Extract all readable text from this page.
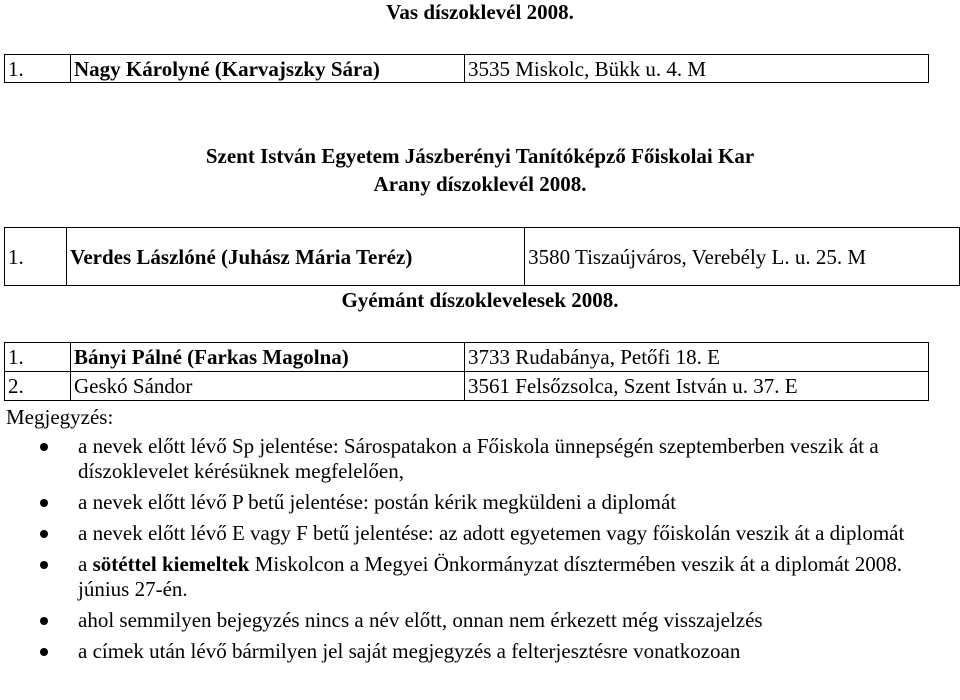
Vas díszoklevél 2008.
1.	Nagy Károlyné (Karvajszky Sára)	3535 Miskolc, Bükk u. 4. M
Szent István Egyetem Jászberényi Tanítóképző Főiskolai Kar
Arany díszoklevél 2008.
1.	Verdes Lászlóné (Juhász Mária Teréz)	3580 Tiszaújváros, Verebély L. u. 25. M
Gyémánt díszoklevelesek 2008.
1.	Bányi Pálné (Farkas Magolna)	3733 Rudabánya, Petőfi 18. E
2.	Geskó Sándor	3561 Felsőzsolca, Szent István u. 37. E
Megjegyzés:
a nevek előtt lévő Sp jelentése: Sárospatakon a Főiskola ünnepségén szeptemberben veszik át a díszoklevelet kérésüknek megfelelően,
a nevek előtt lévő P betű jelentése: postán kérik megküldeni a diplomát
a nevek előtt lévő E vagy F betű jelentése: az adott egyetemen vagy főiskolán veszik át a diplomát
a sötéttel kiemeltek Miskolcon a Megyei Önkormányzat dísztermében veszik át a diplomát 2008. június 27-én.
ahol semmilyen bejegyzés nincs a név előtt, onnan nem érkezett még visszajelzés
a címek után lévő bármilyen jel saját megjegyzés a felterjesztésre vonatkozoan
